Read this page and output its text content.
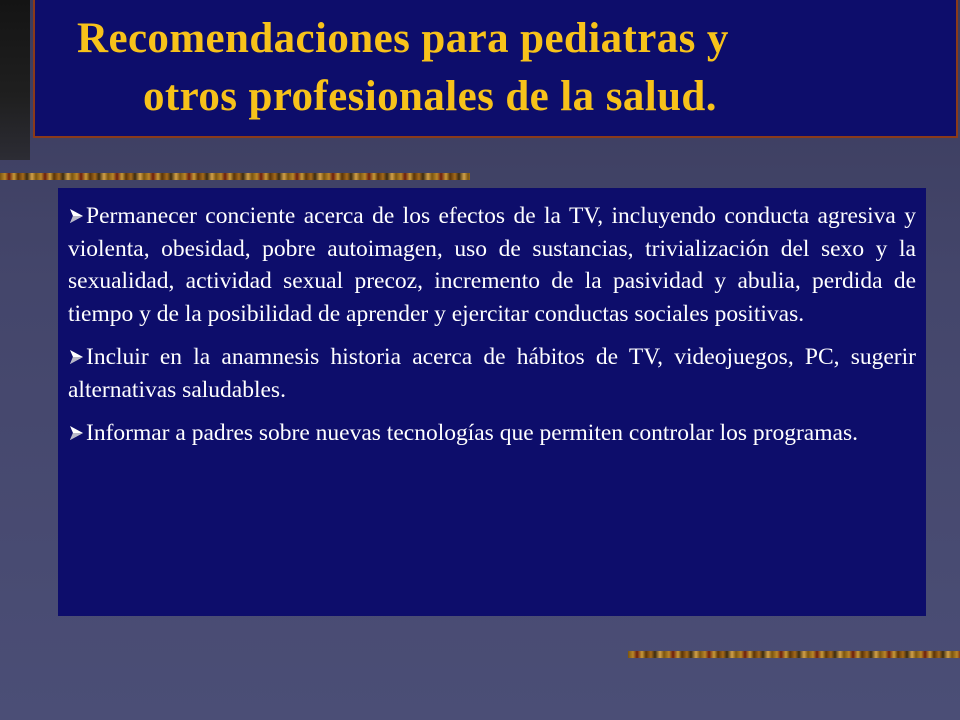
Recomendaciones para pediatras y
otros profesionales de la salud.
Permanecer conciente acerca de los efectos de la TV, incluyendo conducta agresiva y violenta, obesidad, pobre autoimagen, uso de sustancias, trivialización del sexo y la sexualidad, actividad sexual precoz, incremento de la pasividad y abulia, perdida de tiempo y de la posibilidad de aprender y ejercitar conductas sociales positivas.
Incluir en la anamnesis historia acerca de hábitos de TV, videojuegos, PC, sugerir alternativas saludables.
Informar a padres sobre nuevas tecnologías que permiten controlar los programas.
